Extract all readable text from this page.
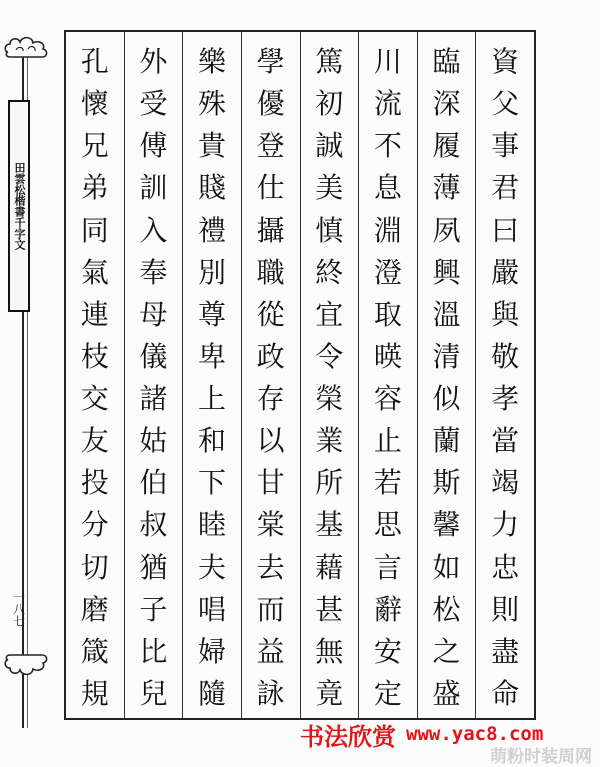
田雲松楷書千字文
一八七
資
父
事
君
曰
嚴
與
敬
孝
當
竭
力
忠
則
盡
命
臨
深
履
薄
夙
興
溫
清
似
蘭
斯
馨
如
松
之
盛
川
流
不
息
淵
澄
取
暎
容
止
若
思
言
辭
安
定
篤
初
誠
美
慎
終
宜
令
榮
業
所
基
藉
甚
無
竟
學
優
登
仕
攝
職
從
政
存
以
甘
棠
去
而
益
詠
樂
殊
貴
賤
禮
別
尊
卑
上
和
下
睦
夫
唱
婦
隨
外
受
傅
訓
入
奉
母
儀
諸
姑
伯
叔
猶
子
比
兒
孔
懷
兄
弟
同
氣
連
枝
交
友
投
分
切
磨
箴
規
书法欣赏 www.yac8.com
萌粉时装周网
